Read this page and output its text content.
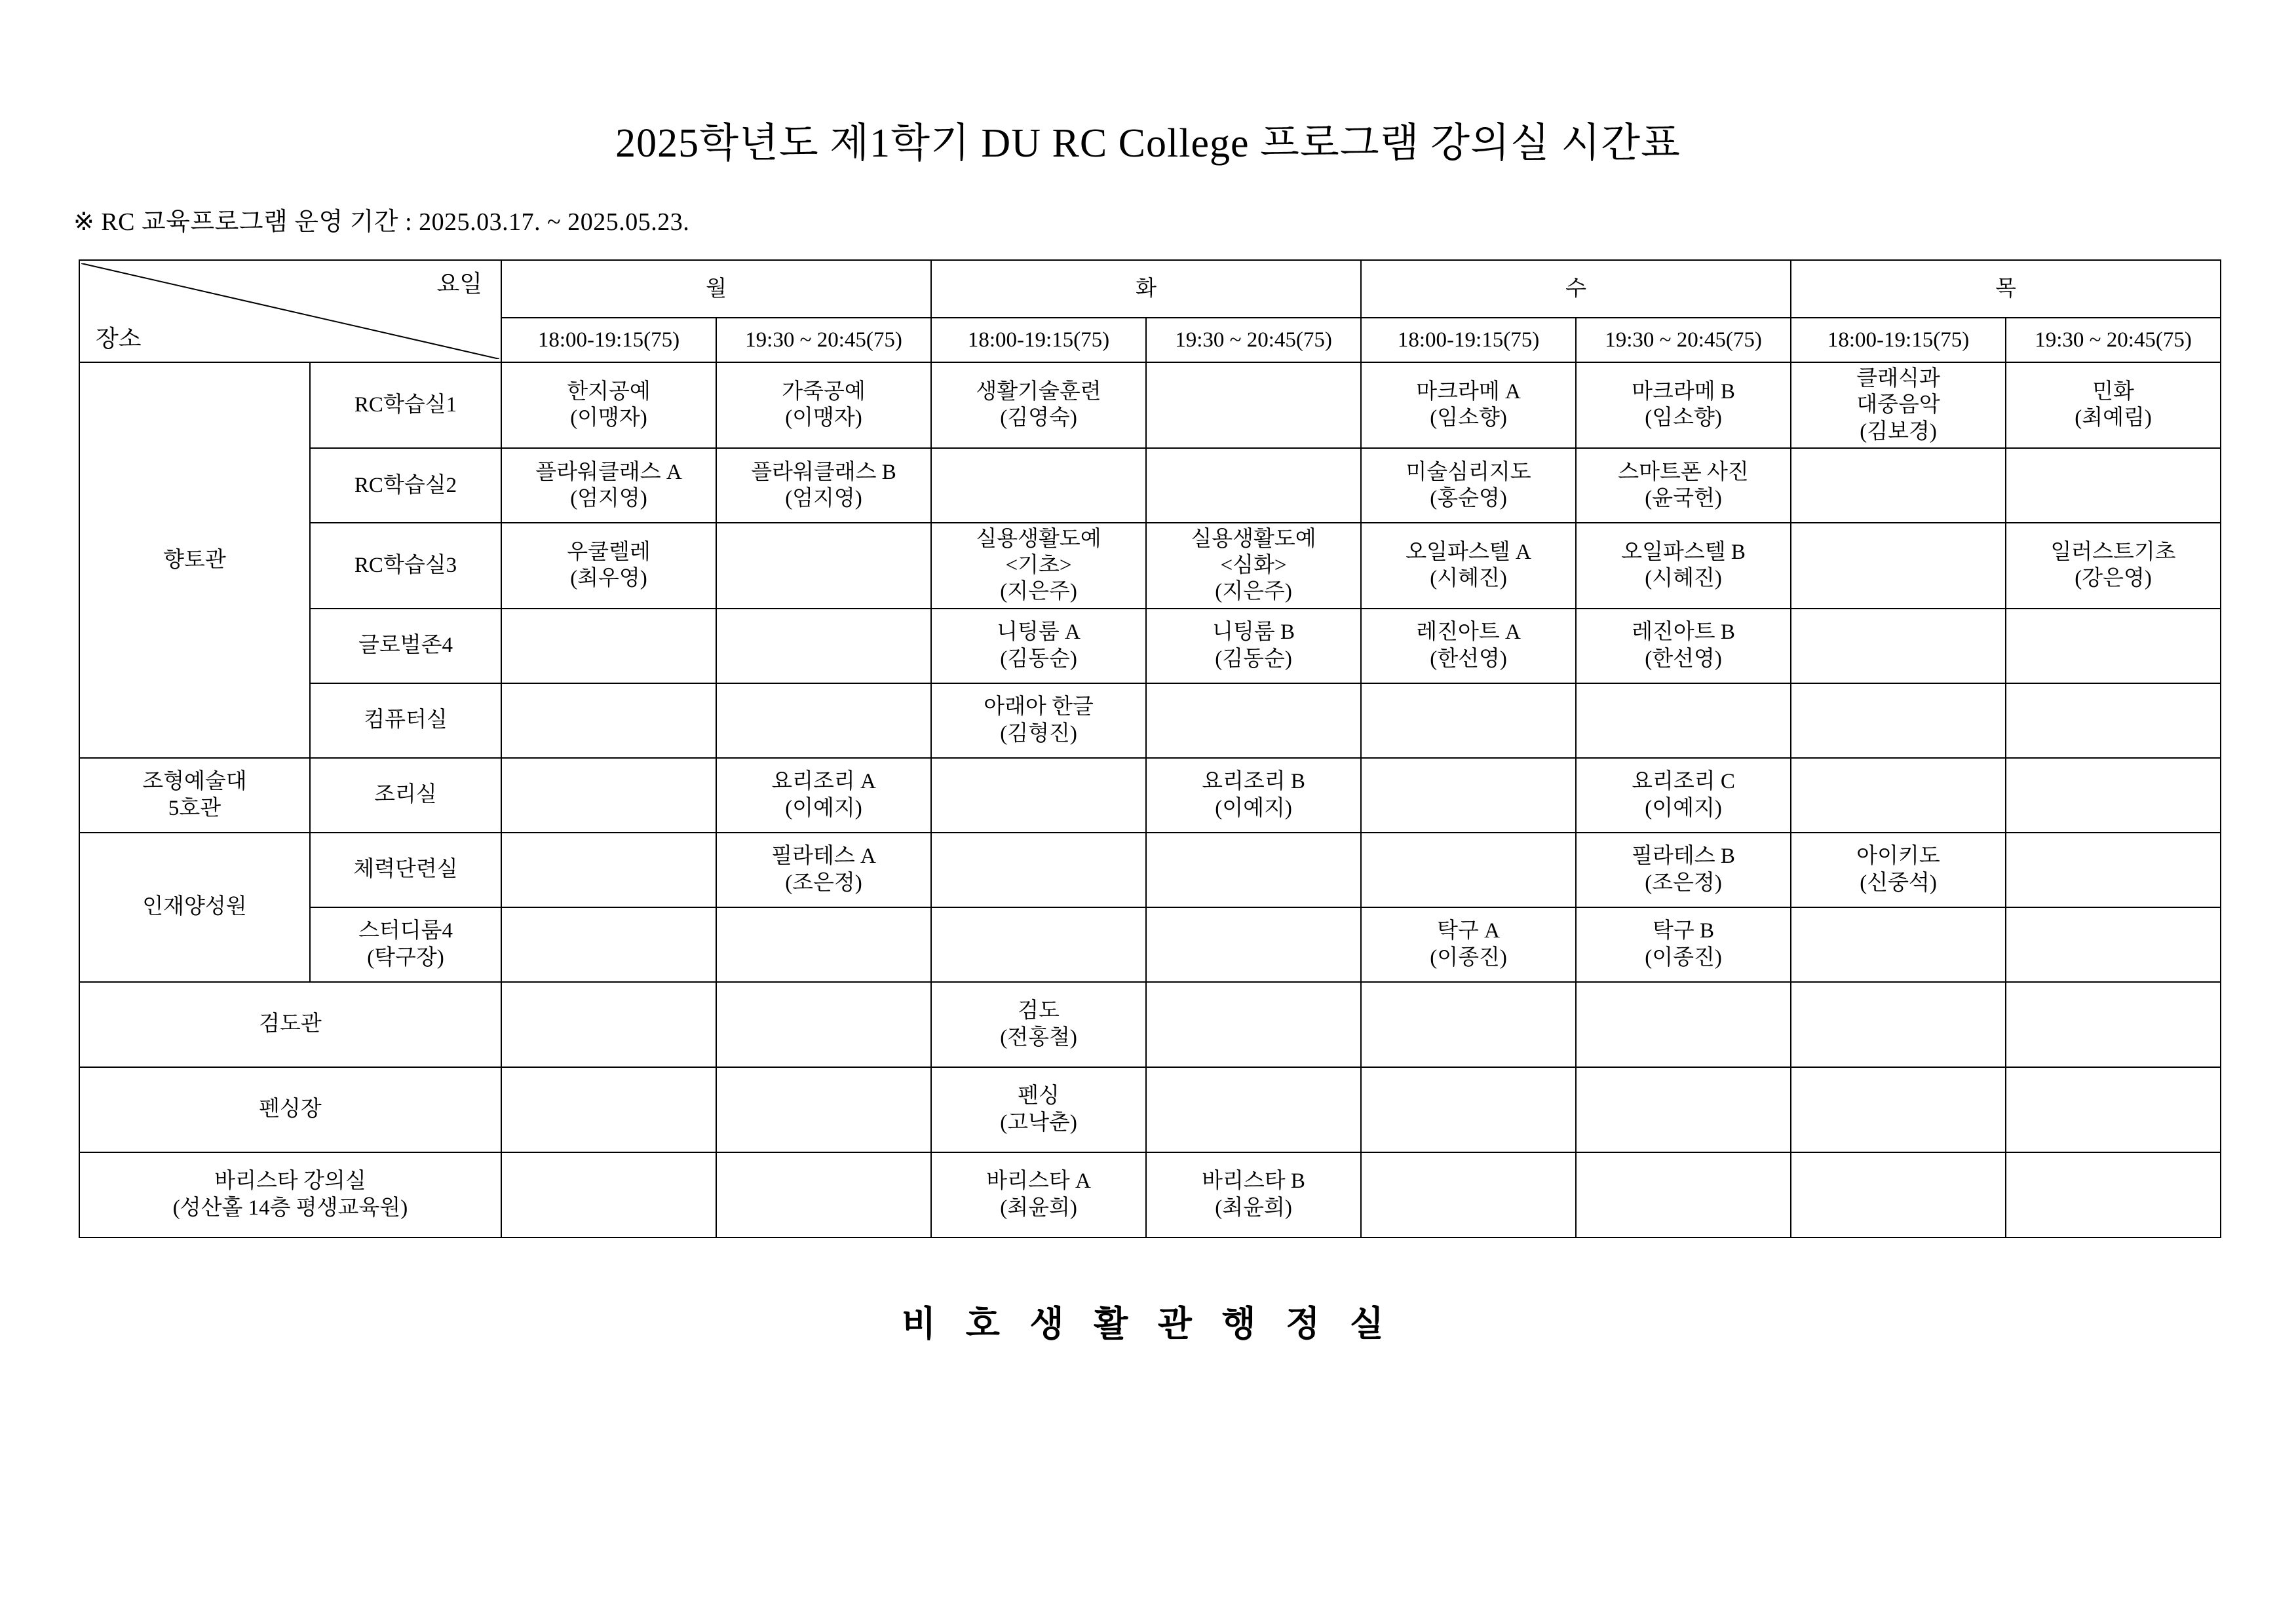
2025학년도 제1학기 DU RC College 프로그램 강의실 시간표

※ RC 교육프로그램 운영 기간 : 2025.03.17. ~ 2025.05.23.

요일
장소		월		화		수		목	
		18:00-19:15(75)	19:30 ~ 20:45(75)	18:00-19:15(75)	19:30 ~ 20:45(75)	18:00-19:15(75)	19:30 ~ 20:45(75)	18:00-19:15(75)	19:30 ~ 20:45(75)

향토관	RC학습실1	한지공예
(이맹자)	가죽공예
(이맹자)	생활기술훈련
(김영숙)		마크라메 A
(임소향)	마크라메 B
(임소향)	클래식과
대중음악
(김보경)	민화
(최예림)

	RC학습실2	플라워클래스 A
(엄지영)	플라워클래스 B
(엄지영)			미술심리지도
(홍순영)	스마트폰 사진
(윤국헌)		

	RC학습실3	우쿨렐레
(최우영)		실용생활도예
<기초>
(지은주)	실용생활도예
<심화>
(지은주)	오일파스텔 A
(시혜진)	오일파스텔 B
(시혜진)		일러스트기초
(강은영)

	글로벌존4			니팅룸 A
(김동순)	니팅룸 B
(김동순)	레진아트 A
(한선영)	레진아트 B
(한선영)		

	컴퓨터실			아래아 한글
(김형진)					

조형예술대
5호관	조리실		요리조리 A
(이예지)		요리조리 B
(이예지)		요리조리 C
(이예지)		

인재양성원	체력단련실		필라테스 A
(조은정)				필라테스 B
(조은정)	아이키도
(신중석)	

	스터디룸4
(탁구장)					탁구 A
(이종진)	탁구 B
(이종진)		

검도관				검도
(전홍철)					

펜싱장				펜싱
(고낙춘)					

바리스타 강의실
(성산홀 14층 평생교육원)				바리스타 A
(최윤희)	바리스타 B
(최윤희)				

비 호 생 활 관 행 정 실
